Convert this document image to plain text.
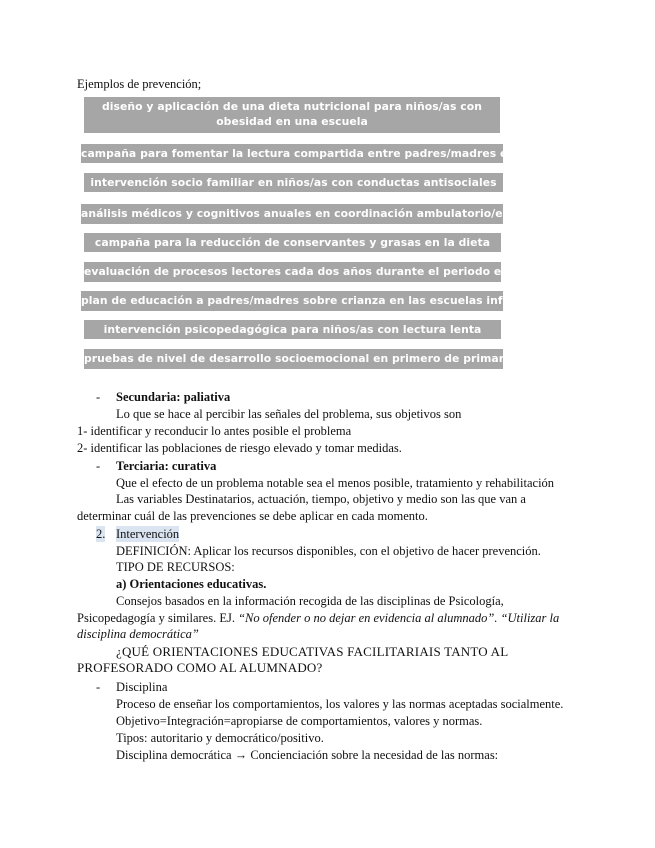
Ejemplos de prevención;
diseño y aplicación de una dieta nutricional para niños/as con obesidad en una escuela
campaña para fomentar la lectura compartida entre padres/madres e hijos/as
intervención socio familiar en niños/as con conductas antisociales
análisis médicos y cognitivos anuales en coordinación ambulatorio/escuela
campaña para la reducción de conservantes y grasas en la dieta
evaluación de procesos lectores cada dos años durante el periodo escolar
plan de educación a padres/madres sobre crianza en las escuelas infantiles
intervención psicopedagógica para niños/as con lectura lenta
pruebas de nivel de desarrollo socioemocional en primero de primaria
- Secundaria: paliativa
Lo que se hace al percibir las señales del problema, sus objetivos son
1- identificar y reconducir lo antes posible el problema
2- identificar las poblaciones de riesgo elevado y tomar medidas.
- Terciaria: curativa
Que el efecto de un problema notable sea el menos posible, tratamiento y rehabilitación
Las variables Destinatarios, actuación, tiempo, objetivo y medio son las que van a
determinar cuál de las prevenciones se debe aplicar en cada momento.
2. Intervención
DEFINICIÓN: Aplicar los recursos disponibles, con el objetivo de hacer prevención.
TIPO DE RECURSOS:
a) Orientaciones educativas.
Consejos basados en la información recogida de las disciplinas de Psicología,
Psicopedagogía y similares. EJ. “No ofender o no dejar en evidencia al alumnado”. “Utilizar la
disciplina democrática”
¿QUÉ ORIENTACIONES EDUCATIVAS FACILITARIAIS TANTO AL
PROFESORADO COMO AL ALUMNADO?
- Disciplina
Proceso de enseñar los comportamientos, los valores y las normas aceptadas socialmente.
Objetivo=Integración=apropiarse de comportamientos, valores y normas.
Tipos: autoritario y democrático/positivo.
Disciplina democrática → Concienciación sobre la necesidad de las normas:
